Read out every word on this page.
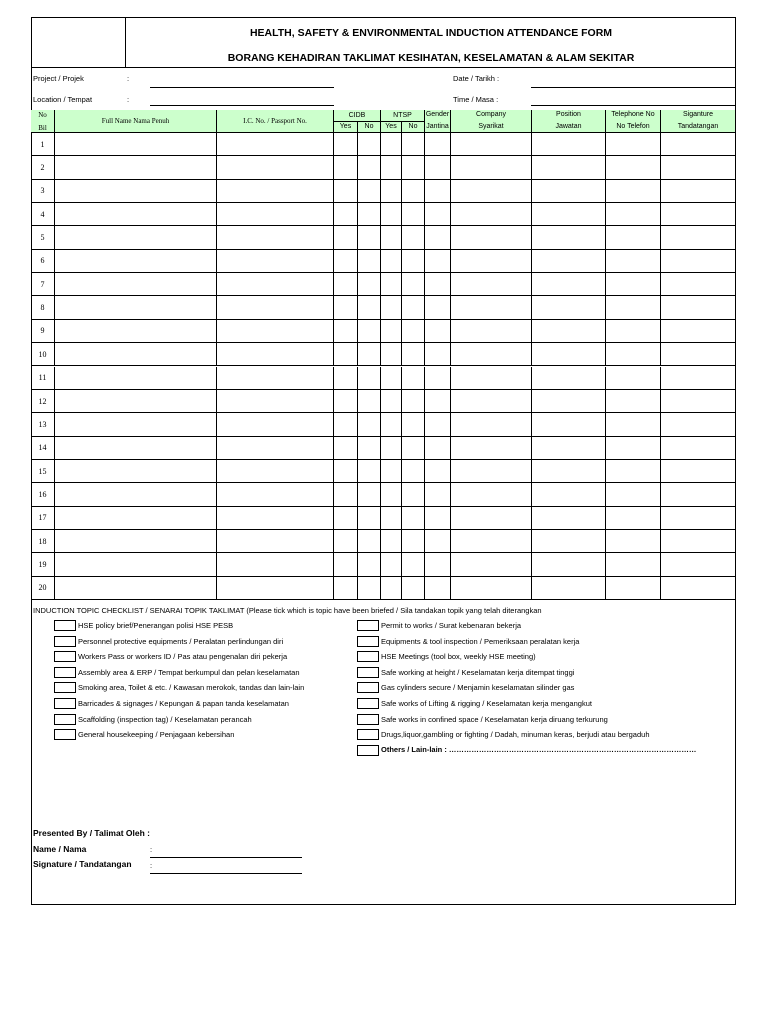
HEALTH, SAFETY & ENVIRONMENTAL INDUCTION ATTENDANCE FORM
BORANG KEHADIRAN TAKLIMAT KESIHATAN, KESELAMATAN & ALAM SEKITAR
Project / Projek	:	Date / Tarikh :
Location / Tempat	:	Time / Masa :
No
Bil
Full Name Nama Penuh	I.C. No. / Passport No.
CIDB	NTSP
Yes	No	Yes	No
Gender
Jantina
Company
Syarikat
Position
Jawatan
Telephone No
No Telefon
Siganture
Tandatangan
1
2
3
4
5
6
7
8
9
10
11
12
13
14
15
16
17
18
19
20
INDUCTION TOPIC CHECKLIST / SENARAI TOPIK TAKLIMAT (Please tick which is topic have been briefed / Sila tandakan topik yang telah diterangkan
HSE policy brief/Penerangan polisi HSE PESB
Personnel protective equipments / Peralatan perlindungan diri
Workers Pass or workers ID / Pas atau pengenalan diri pekerja
Assembly area & ERP / Tempat berkumpul dan pelan keselamatan
Smoking area, Toilet & etc. / Kawasan merokok, tandas dan lain-lain
Barricades & signages / Kepungan & papan tanda keselamatan
Scaffolding (inspection tag) / Keselamatan perancah
General housekeeping / Penjagaan kebersihan
Permit to works / Surat kebenaran bekerja
Equipments & tool inspection / Pemeriksaan peralatan kerja
HSE Meetings (tool box, weekly HSE meeting)
Safe working at height / Keselamatan kerja ditempat tinggi
Gas cylinders secure / Menjamin keselamatan silinder gas
Safe works of Lifting & rigging / Keselamatan kerja mengangkut
Safe works in confined space / Keselamatan kerja diruang terkurung
Drugs,liquor,gambling or fighting / Dadah, minuman keras, berjudi atau bergaduh
Others / Lain-lain : ………………………………………………………………………………………
Presented By / Talimat Oleh :
Name / Nama	:
Signature / Tandatangan :
